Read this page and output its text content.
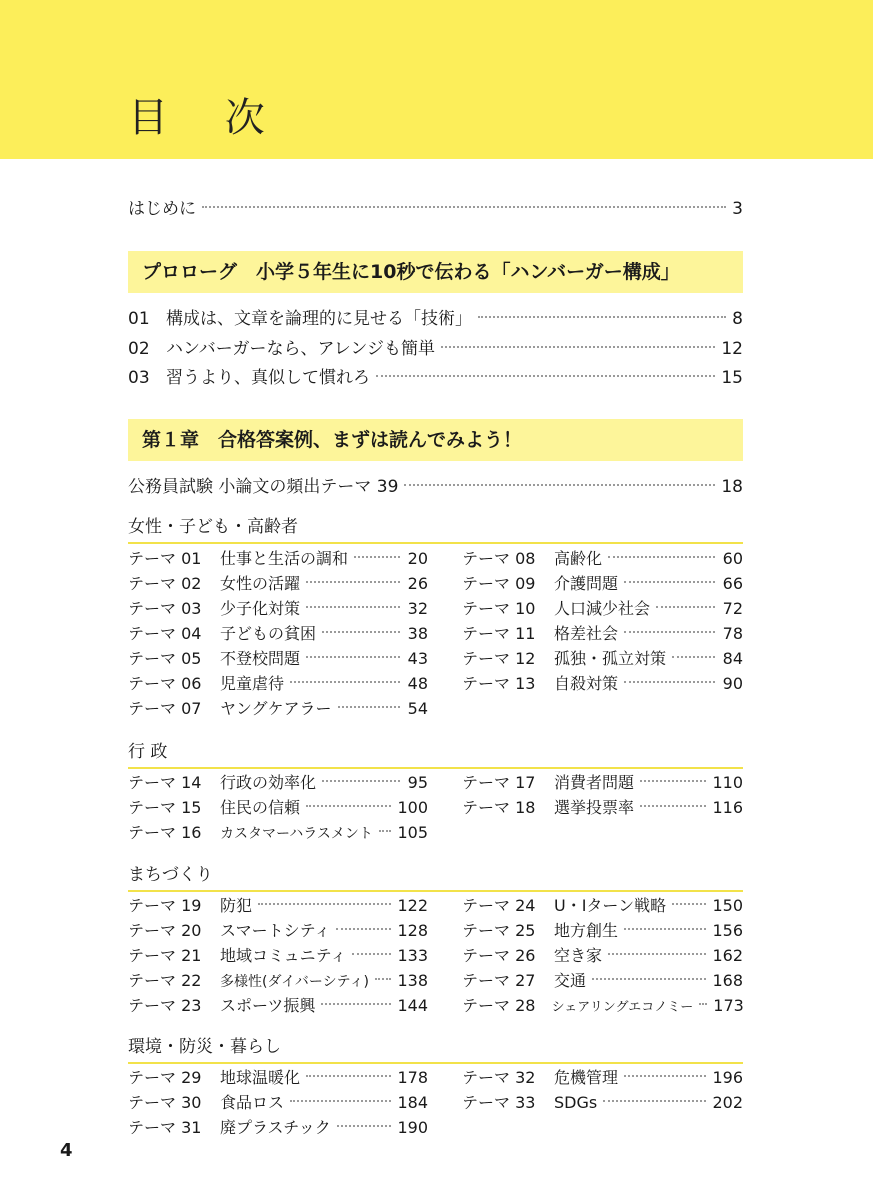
目 次
はじめに	3
プロローグ　小学５年生に10秒で伝わる「ハンバーガー構成」
01 構成は、文章を論理的に見せる「技術」	8
02 ハンバーガーなら、アレンジも簡単	12
03 習うより、真似して慣れろ	15
第１章　合格答案例、まずは読んでみよう！
公務員試験 小論文の頻出テーマ 39	18
女性・子ども・高齢者
テーマ 01	仕事と生活の調和	20
テーマ 02	女性の活躍	26
テーマ 03	少子化対策	32
テーマ 04	子どもの貧困	38
テーマ 05	不登校問題	43
テーマ 06	児童虐待	48
テーマ 07	ヤングケアラー	54
テーマ 08	高齢化	60
テーマ 09	介護問題	66
テーマ 10	人口減少社会	72
テーマ 11	格差社会	78
テーマ 12	孤独・孤立対策	84
テーマ 13	自殺対策	90
行 政
テーマ 14	行政の効率化	95
テーマ 15	住民の信頼	100
テーマ 16	カスタマーハラスメント 105
テーマ 17	消費者問題	110
テーマ 18	選挙投票率	116
まちづくり
テーマ 19	防犯	122
テーマ 20	スマートシティ	128
テーマ 21	地域コミュニティ	133
テーマ 22	多様性(ダイバーシティ) 138
テーマ 23	スポーツ振興	144
テーマ 24	U・Iターン戦略	150
テーマ 25	地方創生	156
テーマ 26	空き家	162
テーマ 27	交通	168
テーマ 28	シェアリングエコノミー 173
環境・防災・暮らし
テーマ 29	地球温暖化	178
テーマ 30	食品ロス	184
テーマ 31	廃プラスチック	190
テーマ 32	危機管理	196
テーマ 33	SDGs	202
4
